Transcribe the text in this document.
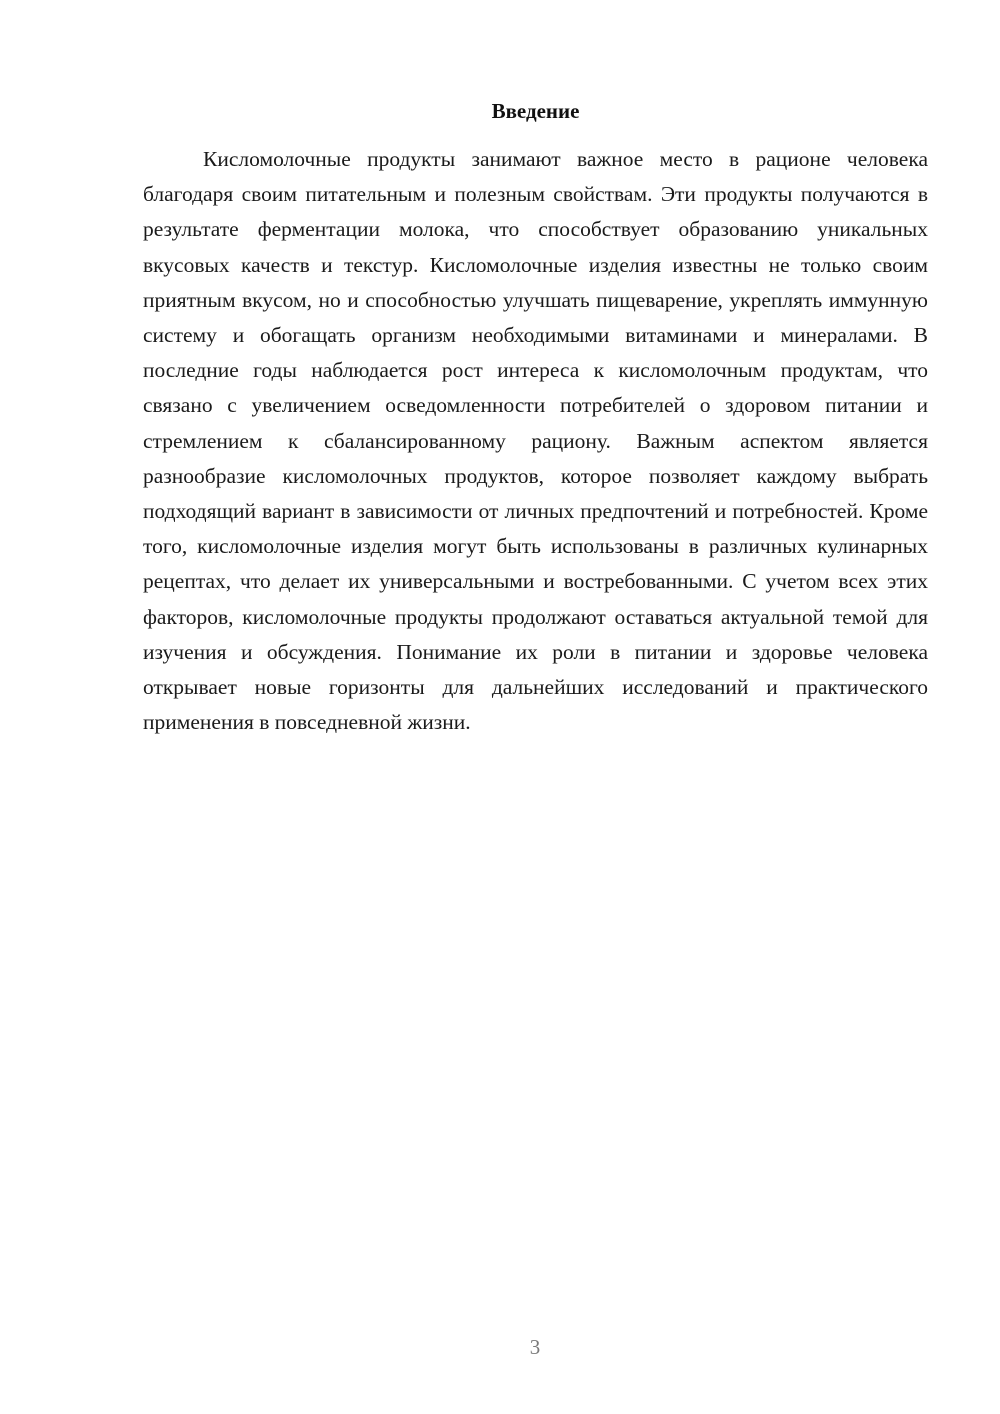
Введение

Кисломолочные продукты занимают важное место в рационе человека благодаря своим питательным и полезным свойствам. Эти продукты получаются в результате ферментации молока, что способствует образованию уникальных вкусовых качеств и текстур. Кисломолочные изделия известны не только своим приятным вкусом, но и способностью улучшать пищеварение, укреплять иммунную систему и обогащать организм необходимыми витаминами и минералами. В последние годы наблюдается рост интереса к кисломолочным продуктам, что связано с увеличением осведомленности потребителей о здоровом питании и стремлением к сбалансированному рациону. Важным аспектом является разнообразие кисломолочных продуктов, которое позволяет каждому выбрать подходящий вариант в зависимости от личных предпочтений и потребностей. Кроме того, кисломолочные изделия могут быть использованы в различных кулинарных рецептах, что делает их универсальными и востребованными. С учетом всех этих факторов, кисломолочные продукты продолжают оставаться актуальной темой для изучения и обсуждения. Понимание их роли в питании и здоровье человека открывает новые горизонты для дальнейших исследований и практического применения в повседневной жизни.

3
